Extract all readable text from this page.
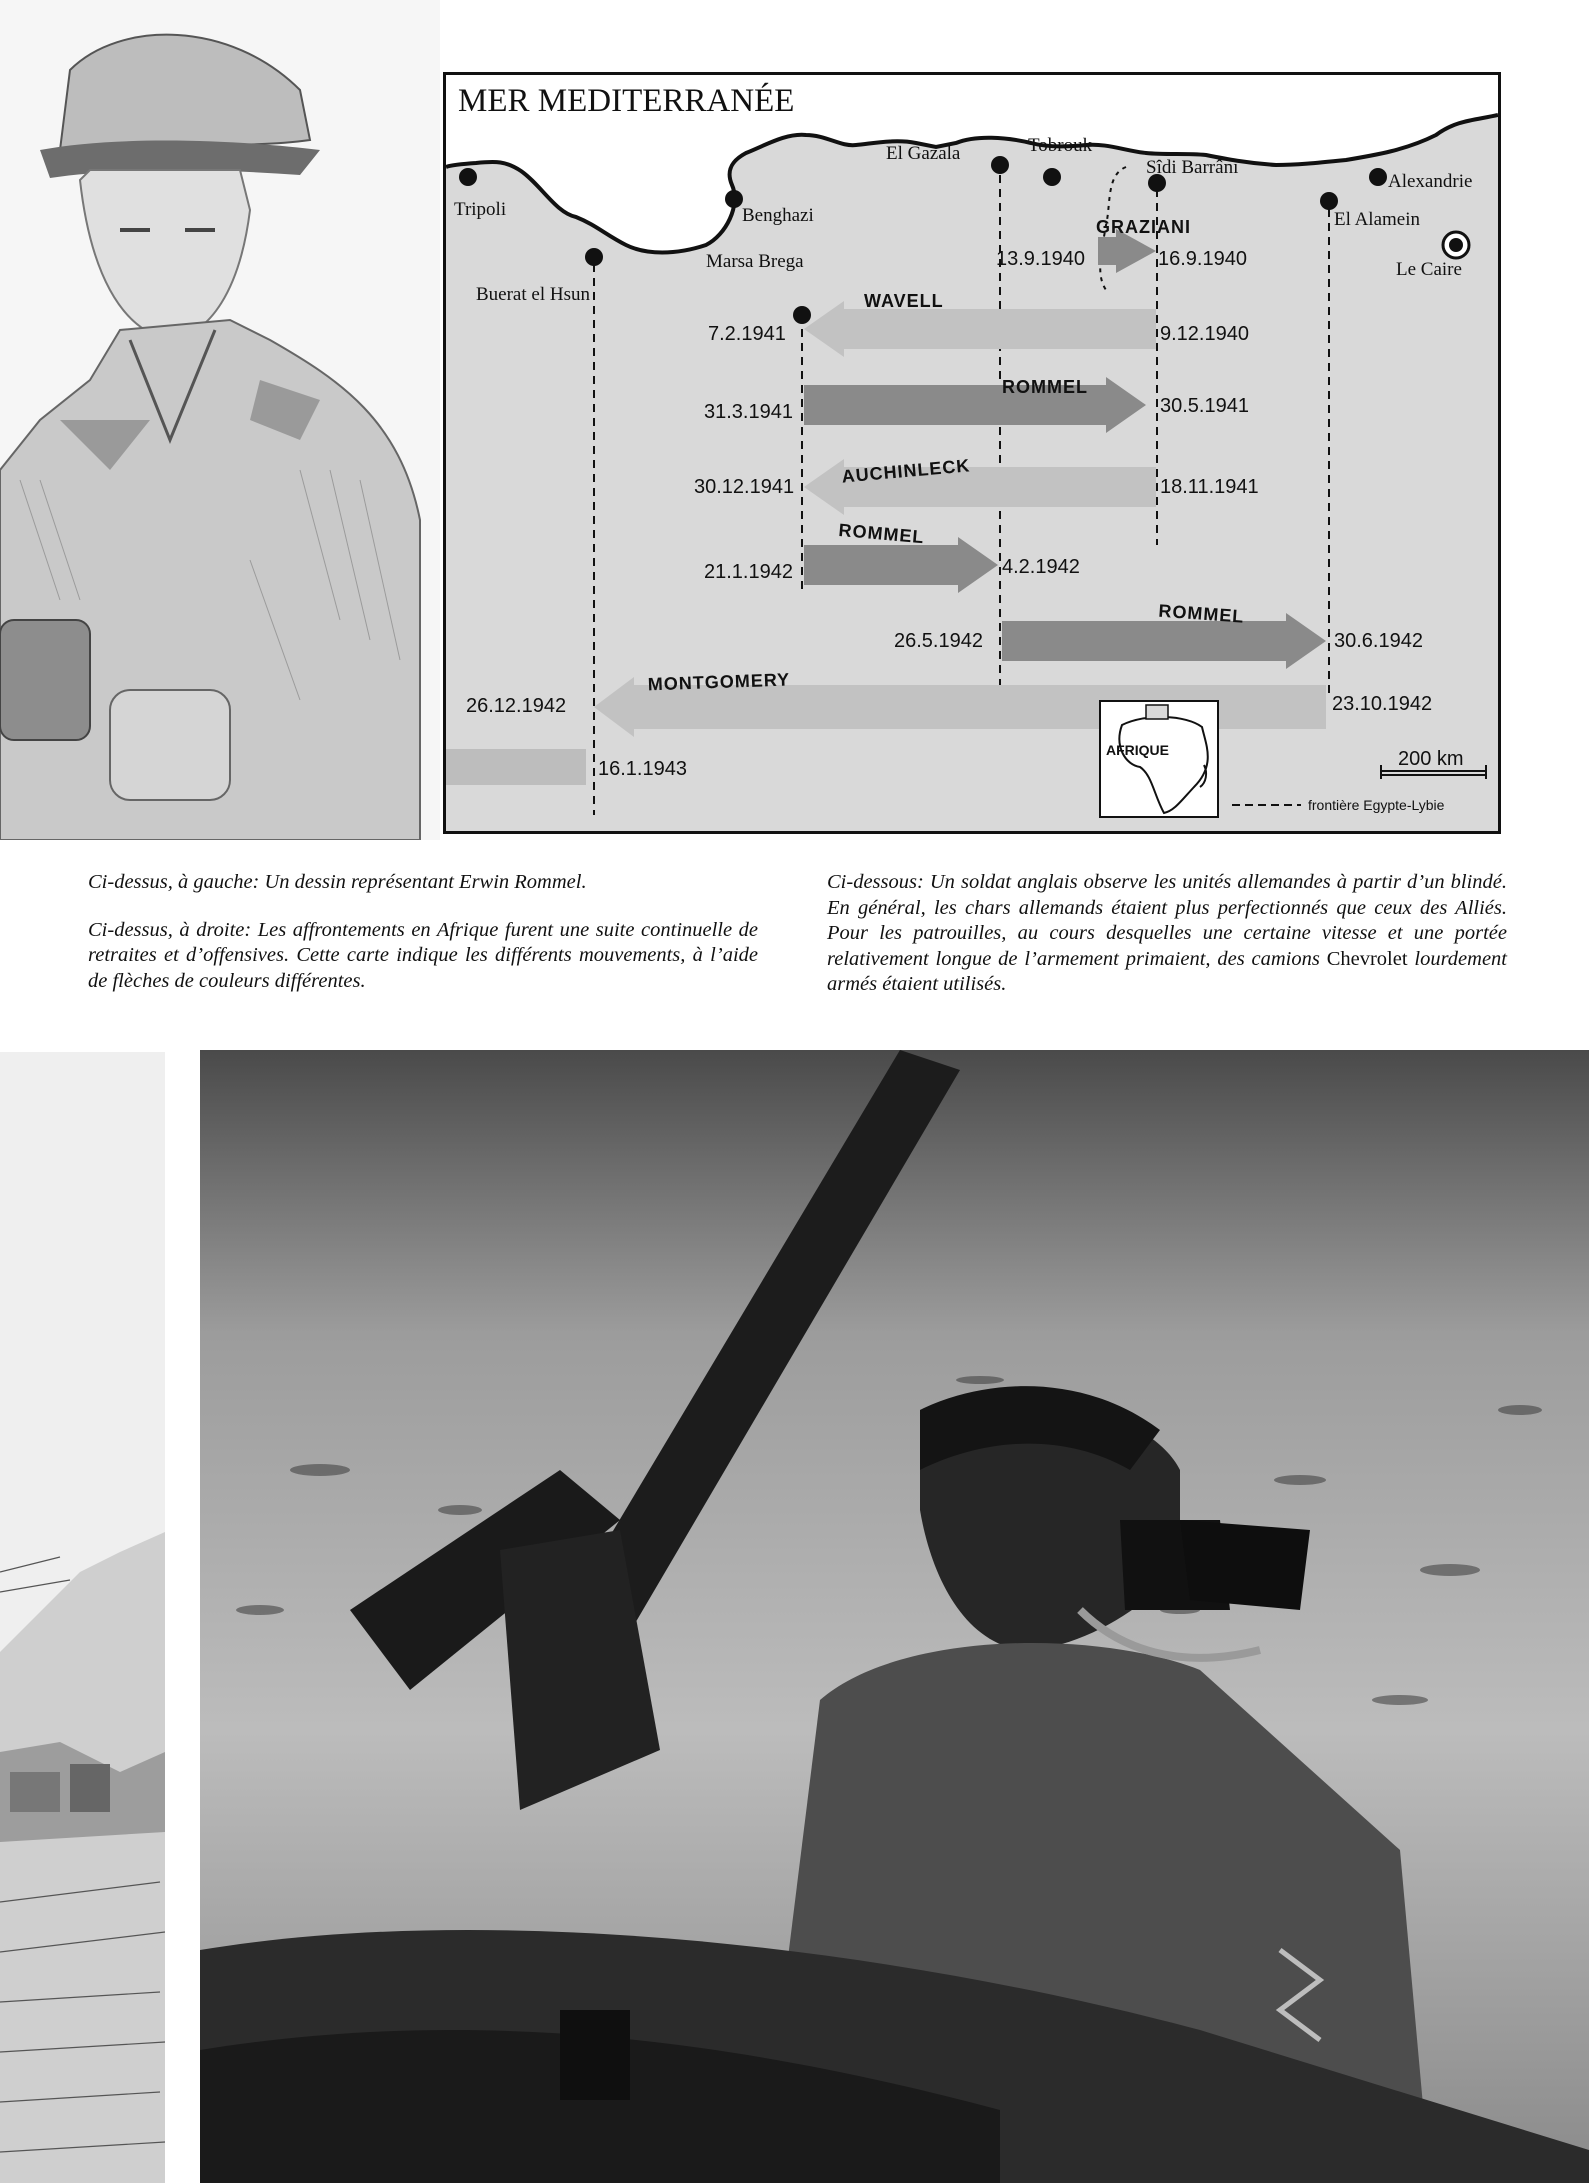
MER MEDITERRANÉE
Tripoli
Buerat el Hsun
Marsa Brega
Benghazi
El Gazala	Tobrouk
Sîdi Barrâni
Alexandrie
El Alamein
Le Caire
GRAZIANI
13.9.1940	16.9.1940
WAVELL
7.2.1941	9.12.1940
ROMMEL
31.3.1941	30.5.1941
AUCHINLECK
30.12.1941	18.11.1941
ROMMEL
21.1.1942	4.2.1942
ROMMEL
26.5.1942	30.6.1942
MONTGOMERY
26.12.1942	23.10.1942
16.1.1943
AFRIQUE	200 km
frontière Egypte-Lybie

Ci-dessus, à gauche: Un dessin représentant Erwin Rommel.

Ci-dessus, à droite: Les affrontements en Afrique furent une suite continuelle de retraites et d’offensives. Cette carte indique les différents mouvements, à l’aide de flèches de couleurs différentes.

Ci-dessous: Un soldat anglais observe les unités allemandes à partir d’un blindé. En général, les chars allemands étaient plus perfectionnés que ceux des Alliés. Pour les patrouilles, au cours desquelles une certaine vitesse et une portée relativement longue de l’armement primaient, des camions Chevrolet lourdement armés étaient utilisés.
